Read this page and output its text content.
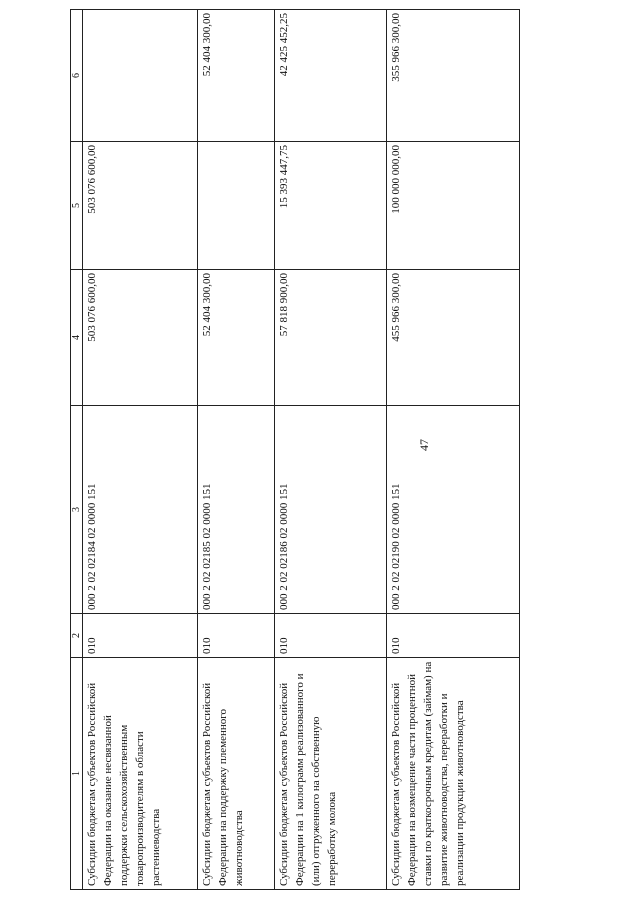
47
1	2	3	4	5	6
Субсидии бюджетам субъектов Российской Федерации на оказание несвязанной поддержки сельскохозяйственным товаропроизводителям в области растениеводства	010	000 2 02 02184 02 0000 151	503 076 600,00	503 076 600,00	
Субсидии бюджетам субъектов Российской Федерации на поддержку племенного животноводства	010	000 2 02 02185 02 0000 151	52 404 300,00		52 404 300,00
Субсидии бюджетам субъектов Российской Федерации на 1 килограмм реализованного и (или) отгруженного на собственную переработку молока	010	000 2 02 02186 02 0000 151	57 818 900,00	15 393 447,75	42 425 452,25
Субсидии бюджетам субъектов Российской Федерации на возмещение части процентной ставки по краткосрочным кредитам (займам) на развитие животноводства, переработки и реализации продукции животноводства	010	000 2 02 02190 02 0000 151	455 966 300,00	100 000 000,00	355 966 300,00
